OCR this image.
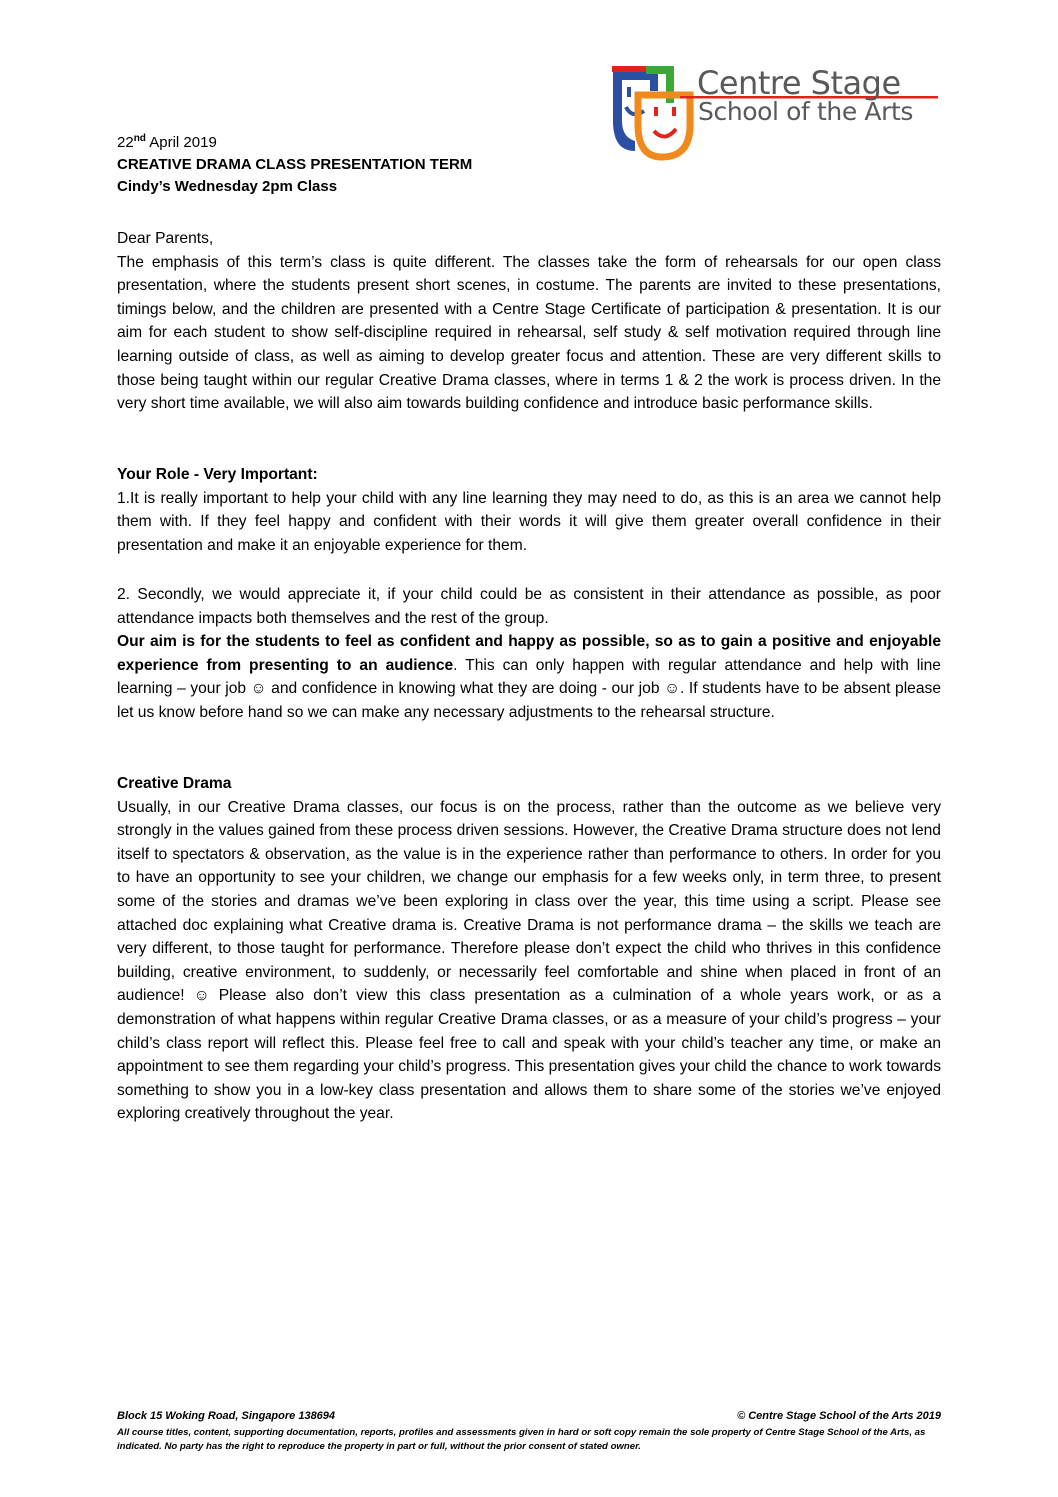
Centre Stage
School of the Arts
22nd April 2019
CREATIVE DRAMA CLASS PRESENTATION TERM
Cindy’s Wednesday 2pm Class

Dear Parents,

The emphasis of this term’s class is quite different. The classes take the form of rehearsals for our open class presentation, where the students present short scenes, in costume. The parents are invited to these presentations, timings below, and the children are presented with a Centre Stage Certificate of participation & presentation. It is our aim for each student to show self-discipline required in rehearsal, self study & self motivation required through line learning outside of class, as well as aiming to develop greater focus and attention. These are very different skills to those being taught within our regular Creative Drama classes, where in terms 1 & 2 the work is process driven. In the very short time available, we will also aim towards building confidence and introduce basic performance skills.

Your Role - Very Important:

1.It is really important to help your child with any line learning they may need to do, as this is an area we cannot help them with. If they feel happy and confident with their words it will give them greater overall confidence in their presentation and make it an enjoyable experience for them.

2. Secondly, we would appreciate it, if your child could be as consistent in their attendance as possible, as poor attendance impacts both themselves and the rest of the group.

Our aim is for the students to feel as confident and happy as possible, so as to gain a positive and enjoyable experience from presenting to an audience. This can only happen with regular attendance and help with line learning – your job ☺ and confidence in knowing what they are doing - our job ☺. If students have to be absent please let us know before hand so we can make any necessary adjustments to the rehearsal structure.

Creative Drama

Usually, in our Creative Drama classes, our focus is on the process, rather than the outcome as we believe very strongly in the values gained from these process driven sessions. However, the Creative Drama structure does not lend itself to spectators & observation, as the value is in the experience rather than performance to others. In order for you to have an opportunity to see your children, we change our emphasis for a few weeks only, in term three, to present some of the stories and dramas we’ve been exploring in class over the year, this time using a script. Please see attached doc explaining what Creative drama is. Creative Drama is not performance drama – the skills we teach are very different, to those taught for performance. Therefore please don’t expect the child who thrives in this confidence building, creative environment, to suddenly, or necessarily feel comfortable and shine when placed in front of an audience! ☺ Please also don’t view this class presentation as a culmination of a whole years work, or as a demonstration of what happens within regular Creative Drama classes, or as a measure of your child’s progress – your child’s class report will reflect this. Please feel free to call and speak with your child’s teacher any time, or make an appointment to see them regarding your child’s progress. This presentation gives your child the chance to work towards something to show you in a low-key class presentation and allows them to share some of the stories we’ve enjoyed exploring creatively throughout the year.

Block 15 Woking Road, Singapore 138694	© Centre Stage School of the Arts 2019
All course titles, content, supporting documentation, reports, profiles and assessments given in hard or soft copy remain the sole property of Centre Stage School of the Arts, as indicated. No party has the right to reproduce the property in part or full, without the prior consent of stated owner.
